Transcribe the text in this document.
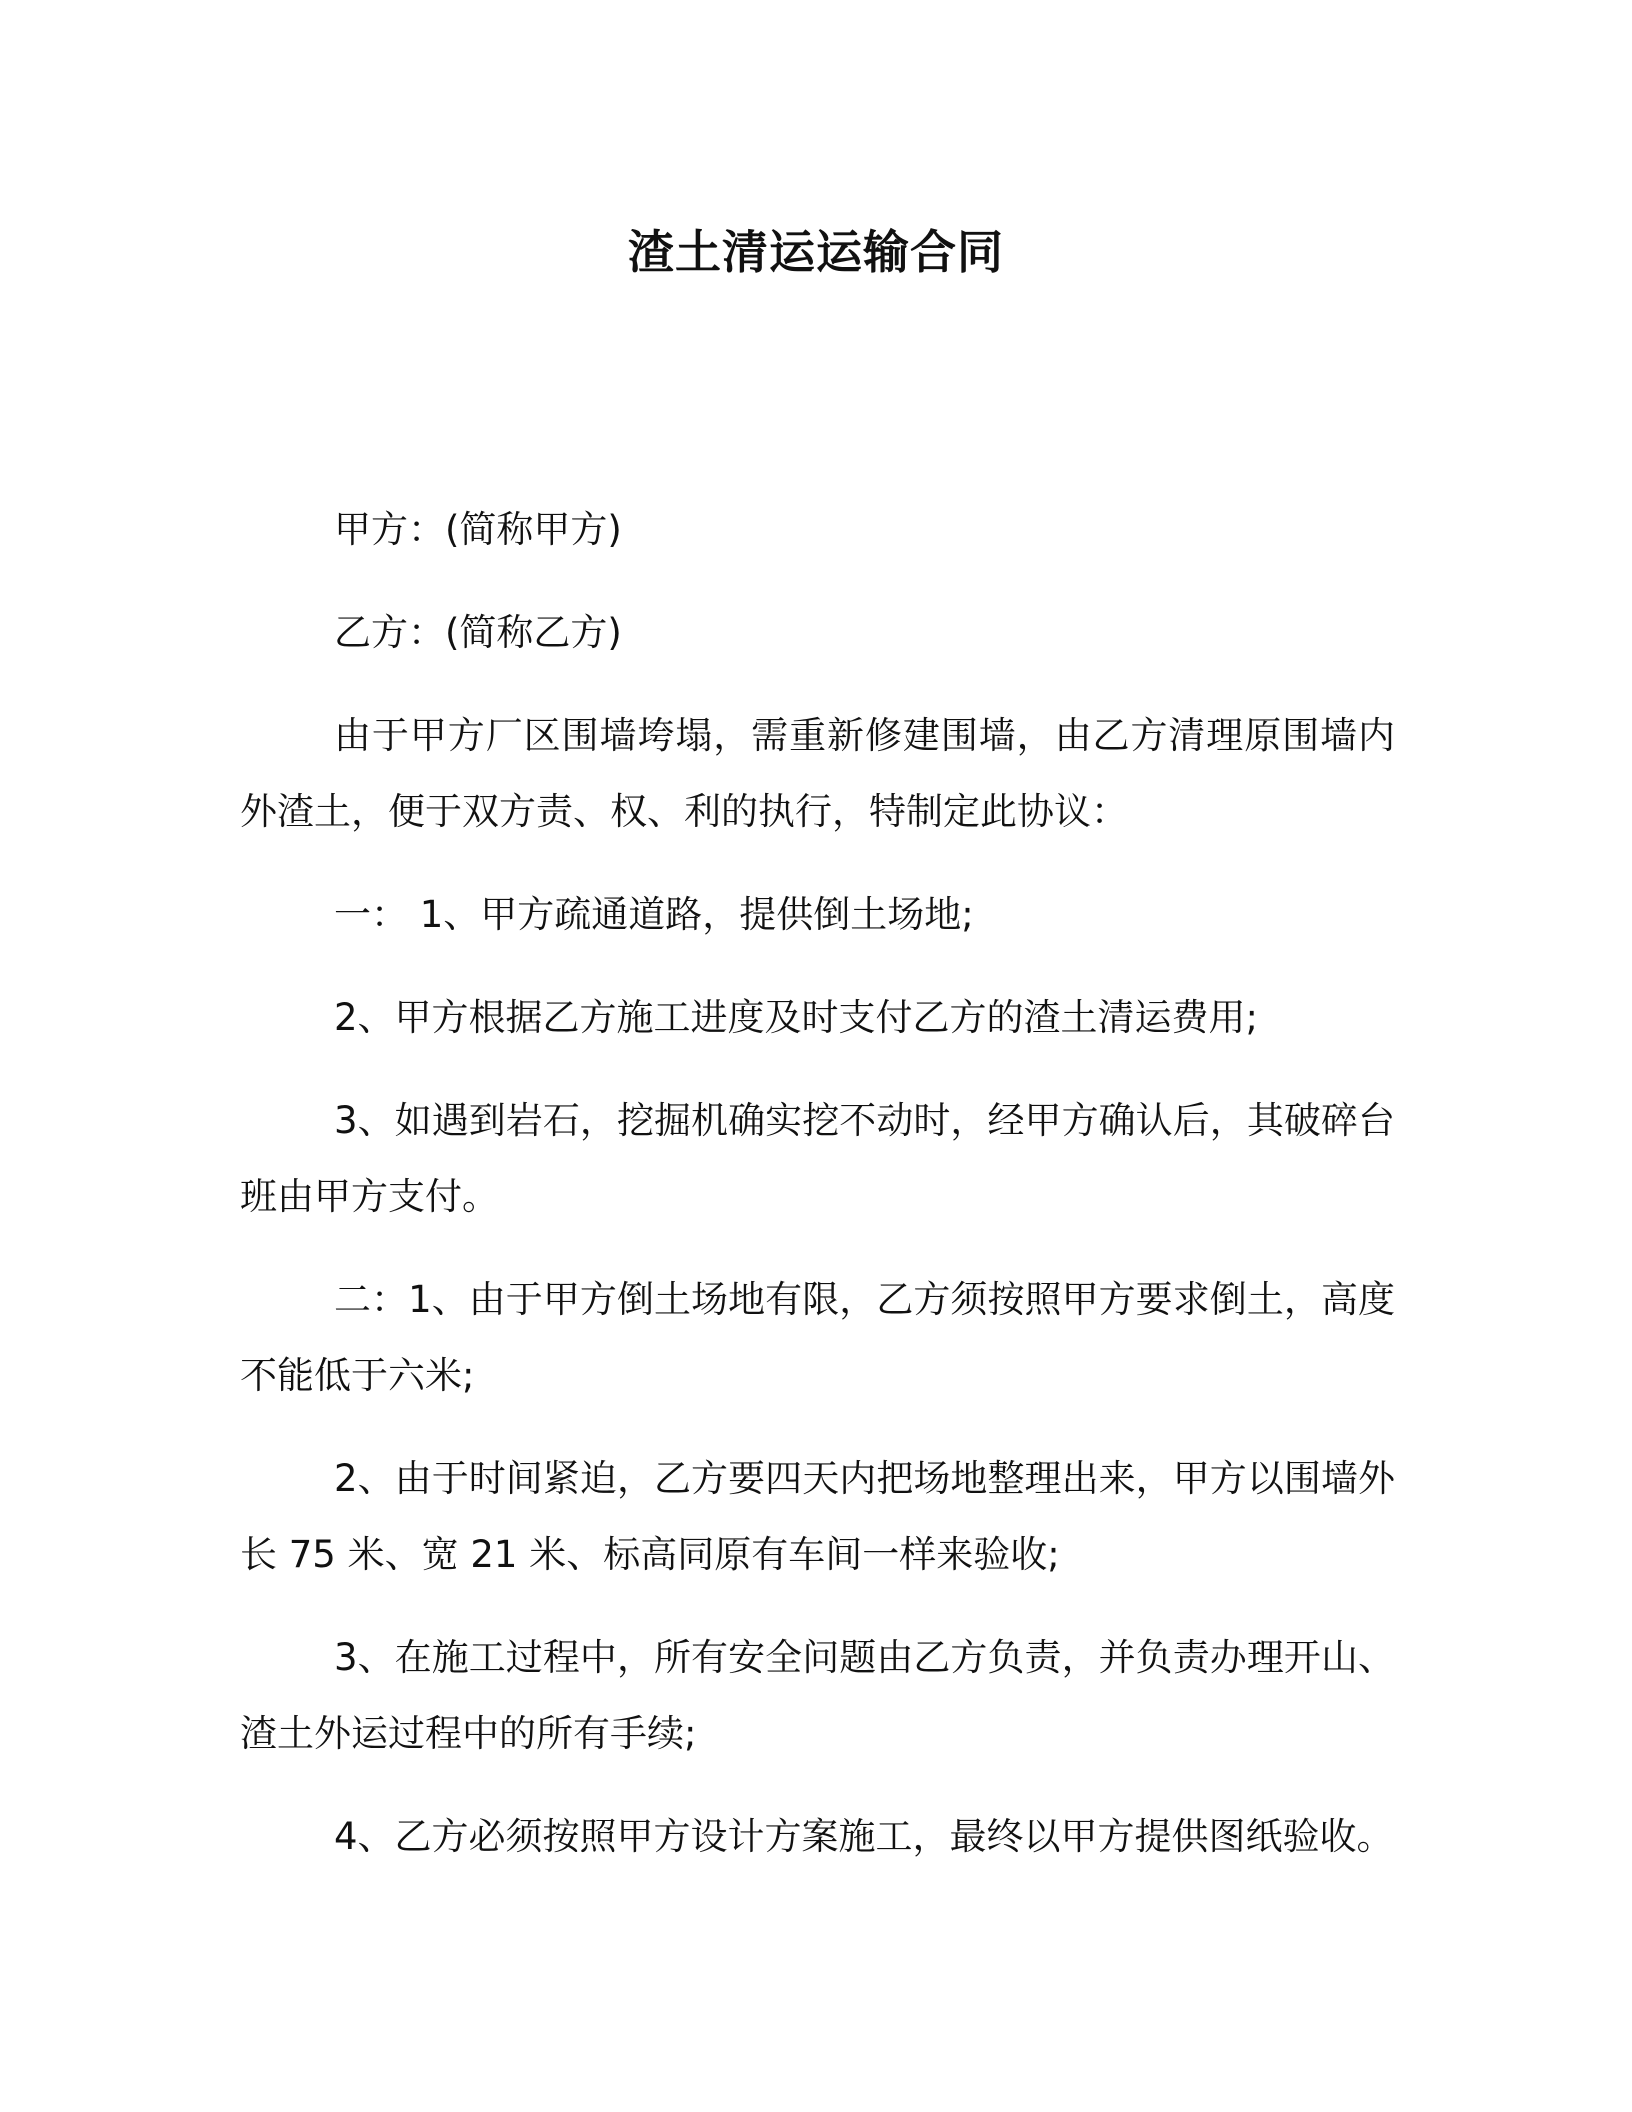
渣土清运运输合同

甲方：(简称甲方)

乙方：(简称乙方)

由于甲方厂区围墙垮塌，需重新修建围墙，由乙方清理原围墙内外渣土，便于双方责、权、利的执行，特制定此协议：

一： 1、甲方疏通道路，提供倒土场地;

2、甲方根据乙方施工进度及时支付乙方的渣土清运费用;

3、如遇到岩石，挖掘机确实挖不动时，经甲方确认后，其破碎台班由甲方支付。

二：1、由于甲方倒土场地有限，乙方须按照甲方要求倒土，高度不能低于六米;

2、由于时间紧迫，乙方要四天内把场地整理出来，甲方以围墙外长 75 米、宽 21 米、标高同原有车间一样来验收;

3、在施工过程中，所有安全问题由乙方负责，并负责办理开山、渣土外运过程中的所有手续;

4、乙方必须按照甲方设计方案施工，最终以甲方提供图纸验收。
